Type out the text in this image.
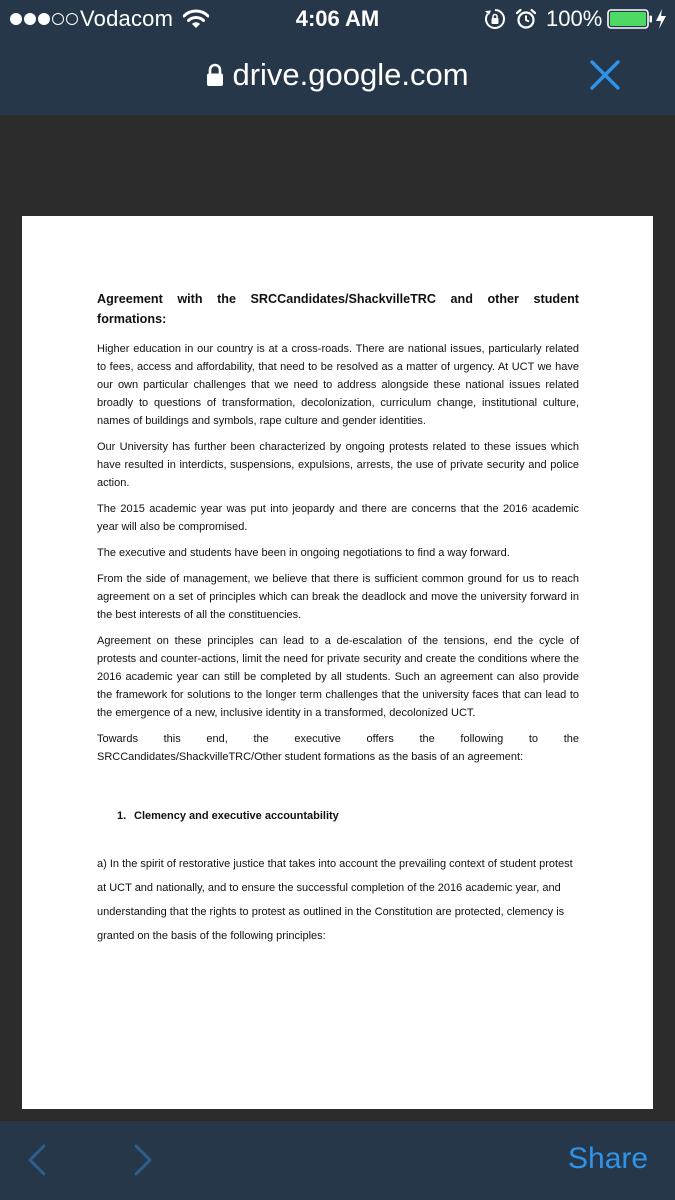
Vodacom	4:06 AM	100%
drive.google.com
Agreement with the SRCCandidates/ShackvilleTRC and other student formations:

Higher education in our country is at a cross-roads. There are national issues, particularly related to fees, access and affordability, that need to be resolved as a matter of urgency. At UCT we have our own particular challenges that we need to address alongside these national issues related broadly to questions of transformation, decolonization, curriculum change, institutional culture, names of buildings and symbols, rape culture and gender identities.

Our University has further been characterized by ongoing protests related to these issues which have resulted in interdicts, suspensions, expulsions, arrests, the use of private security and police action.

The 2015 academic year was put into jeopardy and there are concerns that the 2016 academic year will also be compromised.

The executive and students have been in ongoing negotiations to find a way forward.

From the side of management, we believe that there is sufficient common ground for us to reach agreement on a set of principles which can break the deadlock and move the university forward in the best interests of all the constituencies.

Agreement on these principles can lead to a de-escalation of the tensions, end the cycle of protests and counter-actions, limit the need for private security and create the conditions where the 2016 academic year can still be completed by all students. Such an agreement can also provide the framework for solutions to the longer term challenges that the university faces that can lead to the emergence of a new, inclusive identity in a transformed, decolonized UCT.

Towards this end, the executive offers the following to the

SRCCandidates/ShackvilleTRC/Other student formations as the basis of an agreement:

1. Clemency and executive accountability
a) In the spirit of restorative justice that takes into account the prevailing context of student protest at UCT and nationally, and to ensure the successful completion of the 2016 academic year, and understanding that the rights to protest as outlined in the Constitution are protected, clemency is granted on the basis of the following principles:
Share
